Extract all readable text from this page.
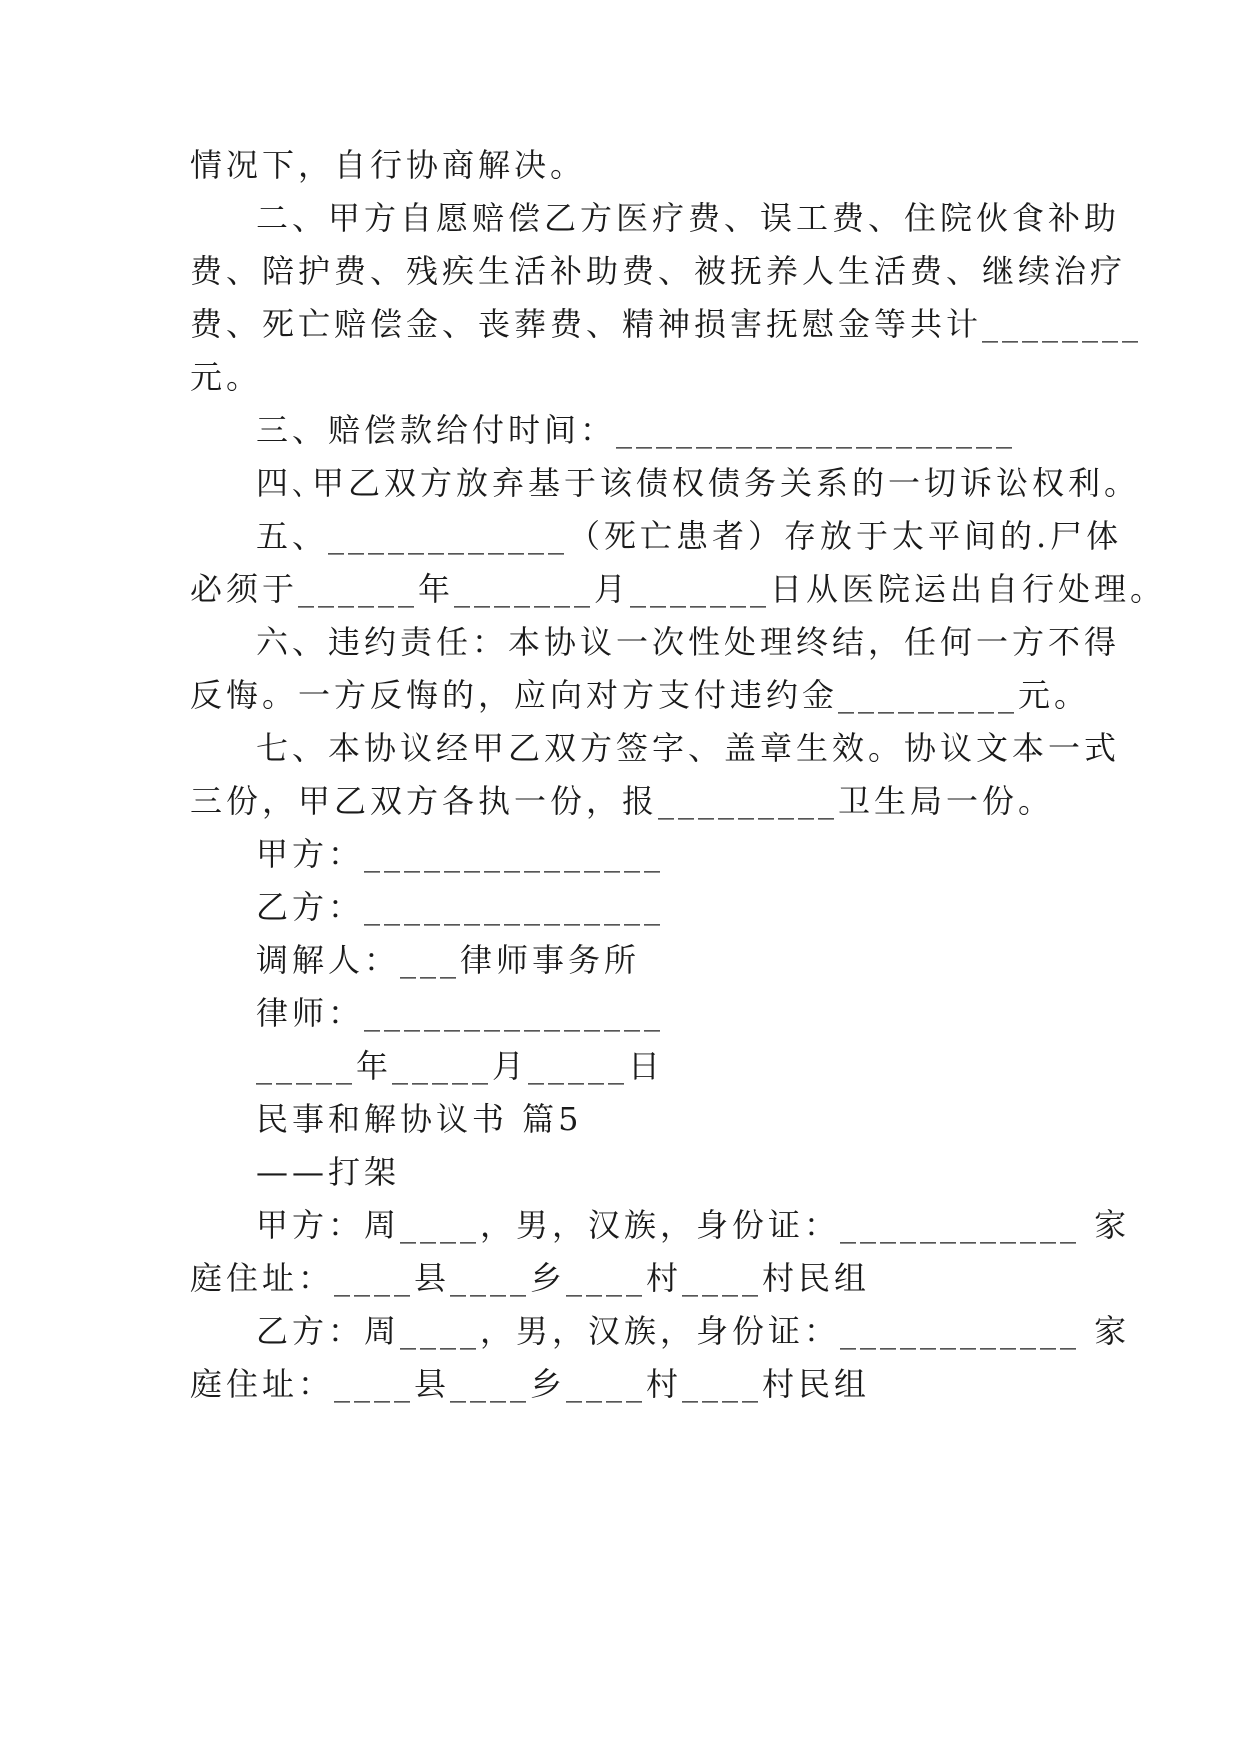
情况下，自行协商解决。
二、甲方自愿赔偿乙方医疗费、误工费、住院伙食补助
费、陪护费、残疾生活补助费、被抚养人生活费、继续治疗
费、死亡赔偿金、丧葬费、精神损害抚慰金等共计________
元。
三、赔偿款给付时间：____________________
四､甲乙双方放弃基于该债权债务关系的一切诉讼权利。
五、____________（死亡患者）存放于太平间的.尸体
必须于______年_______月_______日从医院运出自行处理。
六、违约责任：本协议一次性处理终结，任何一方不得
反悔。一方反悔的，应向对方支付违约金_________元。
七、本协议经甲乙双方签字、盖章生效。协议文本一式
三份，甲乙双方各执一份，报_________卫生局一份。
甲方：_______________
乙方：_______________
调解人：___律师事务所
律师：_______________
_____年_____月_____日
民事和解协议书 篇5
——打架
甲方：周____，男，汉族，身份证：____________ 家
庭住址：____县____乡____村____村民组
乙方：周____，男，汉族，身份证：____________ 家
庭住址：____县____乡____村____村民组
